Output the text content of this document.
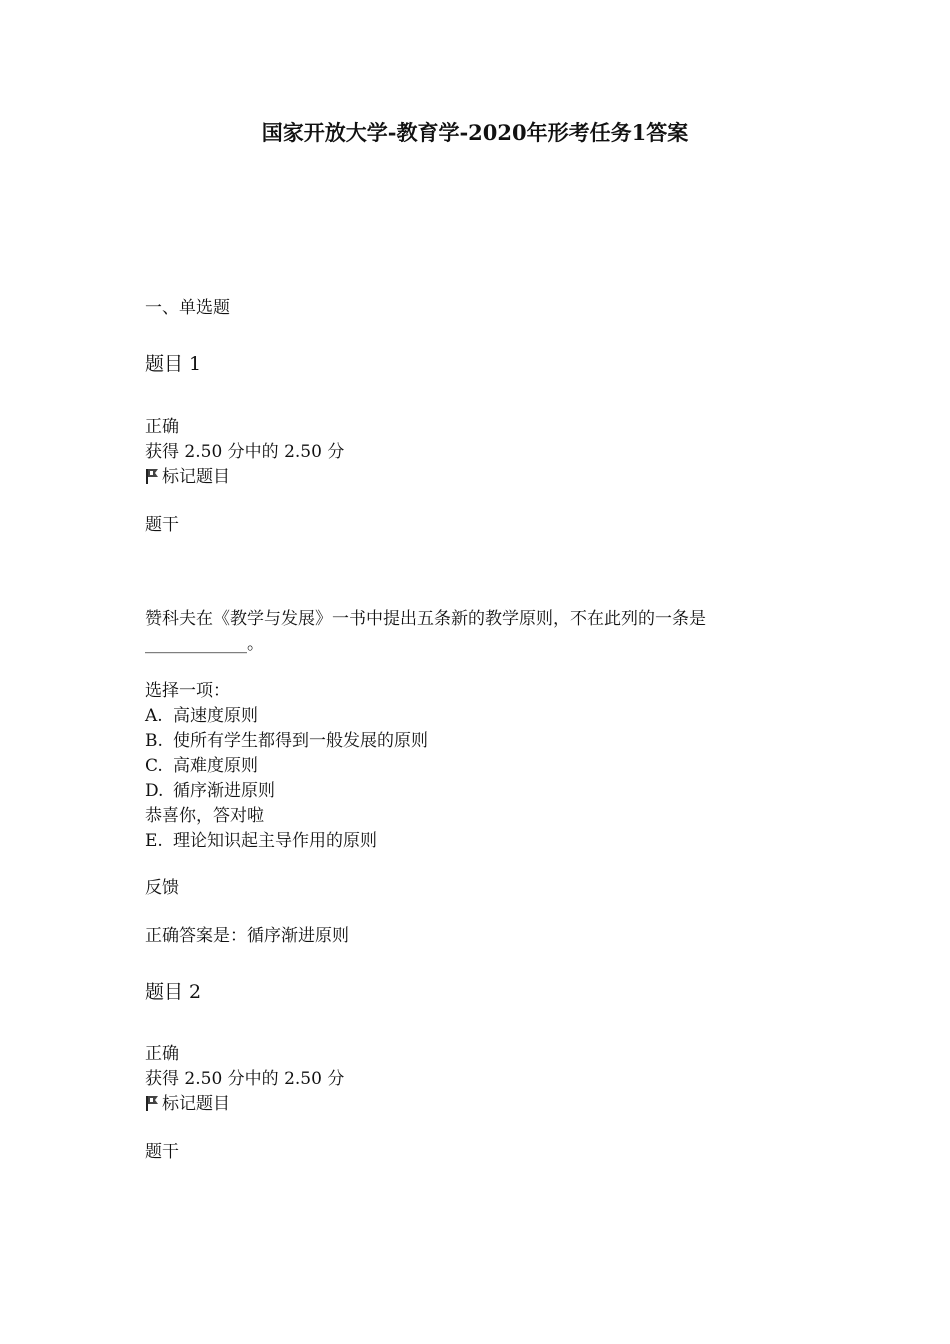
国家开放大学-教育学-2020年形考任务1答案
一、单选题
题目 1
正确
获得 2.50 分中的 2.50 分
标记题目
题干
赞科夫在《教学与发展》一书中提出五条新的教学原则，不在此列的一条是
____________。
选择一项：
A. 高速度原则
B. 使所有学生都得到一般发展的原则
C. 高难度原则
D. 循序渐进原则
恭喜你，答对啦
E. 理论知识起主导作用的原则
反馈
正确答案是：循序渐进原则
题目 2
正确
获得 2.50 分中的 2.50 分
标记题目
题干
